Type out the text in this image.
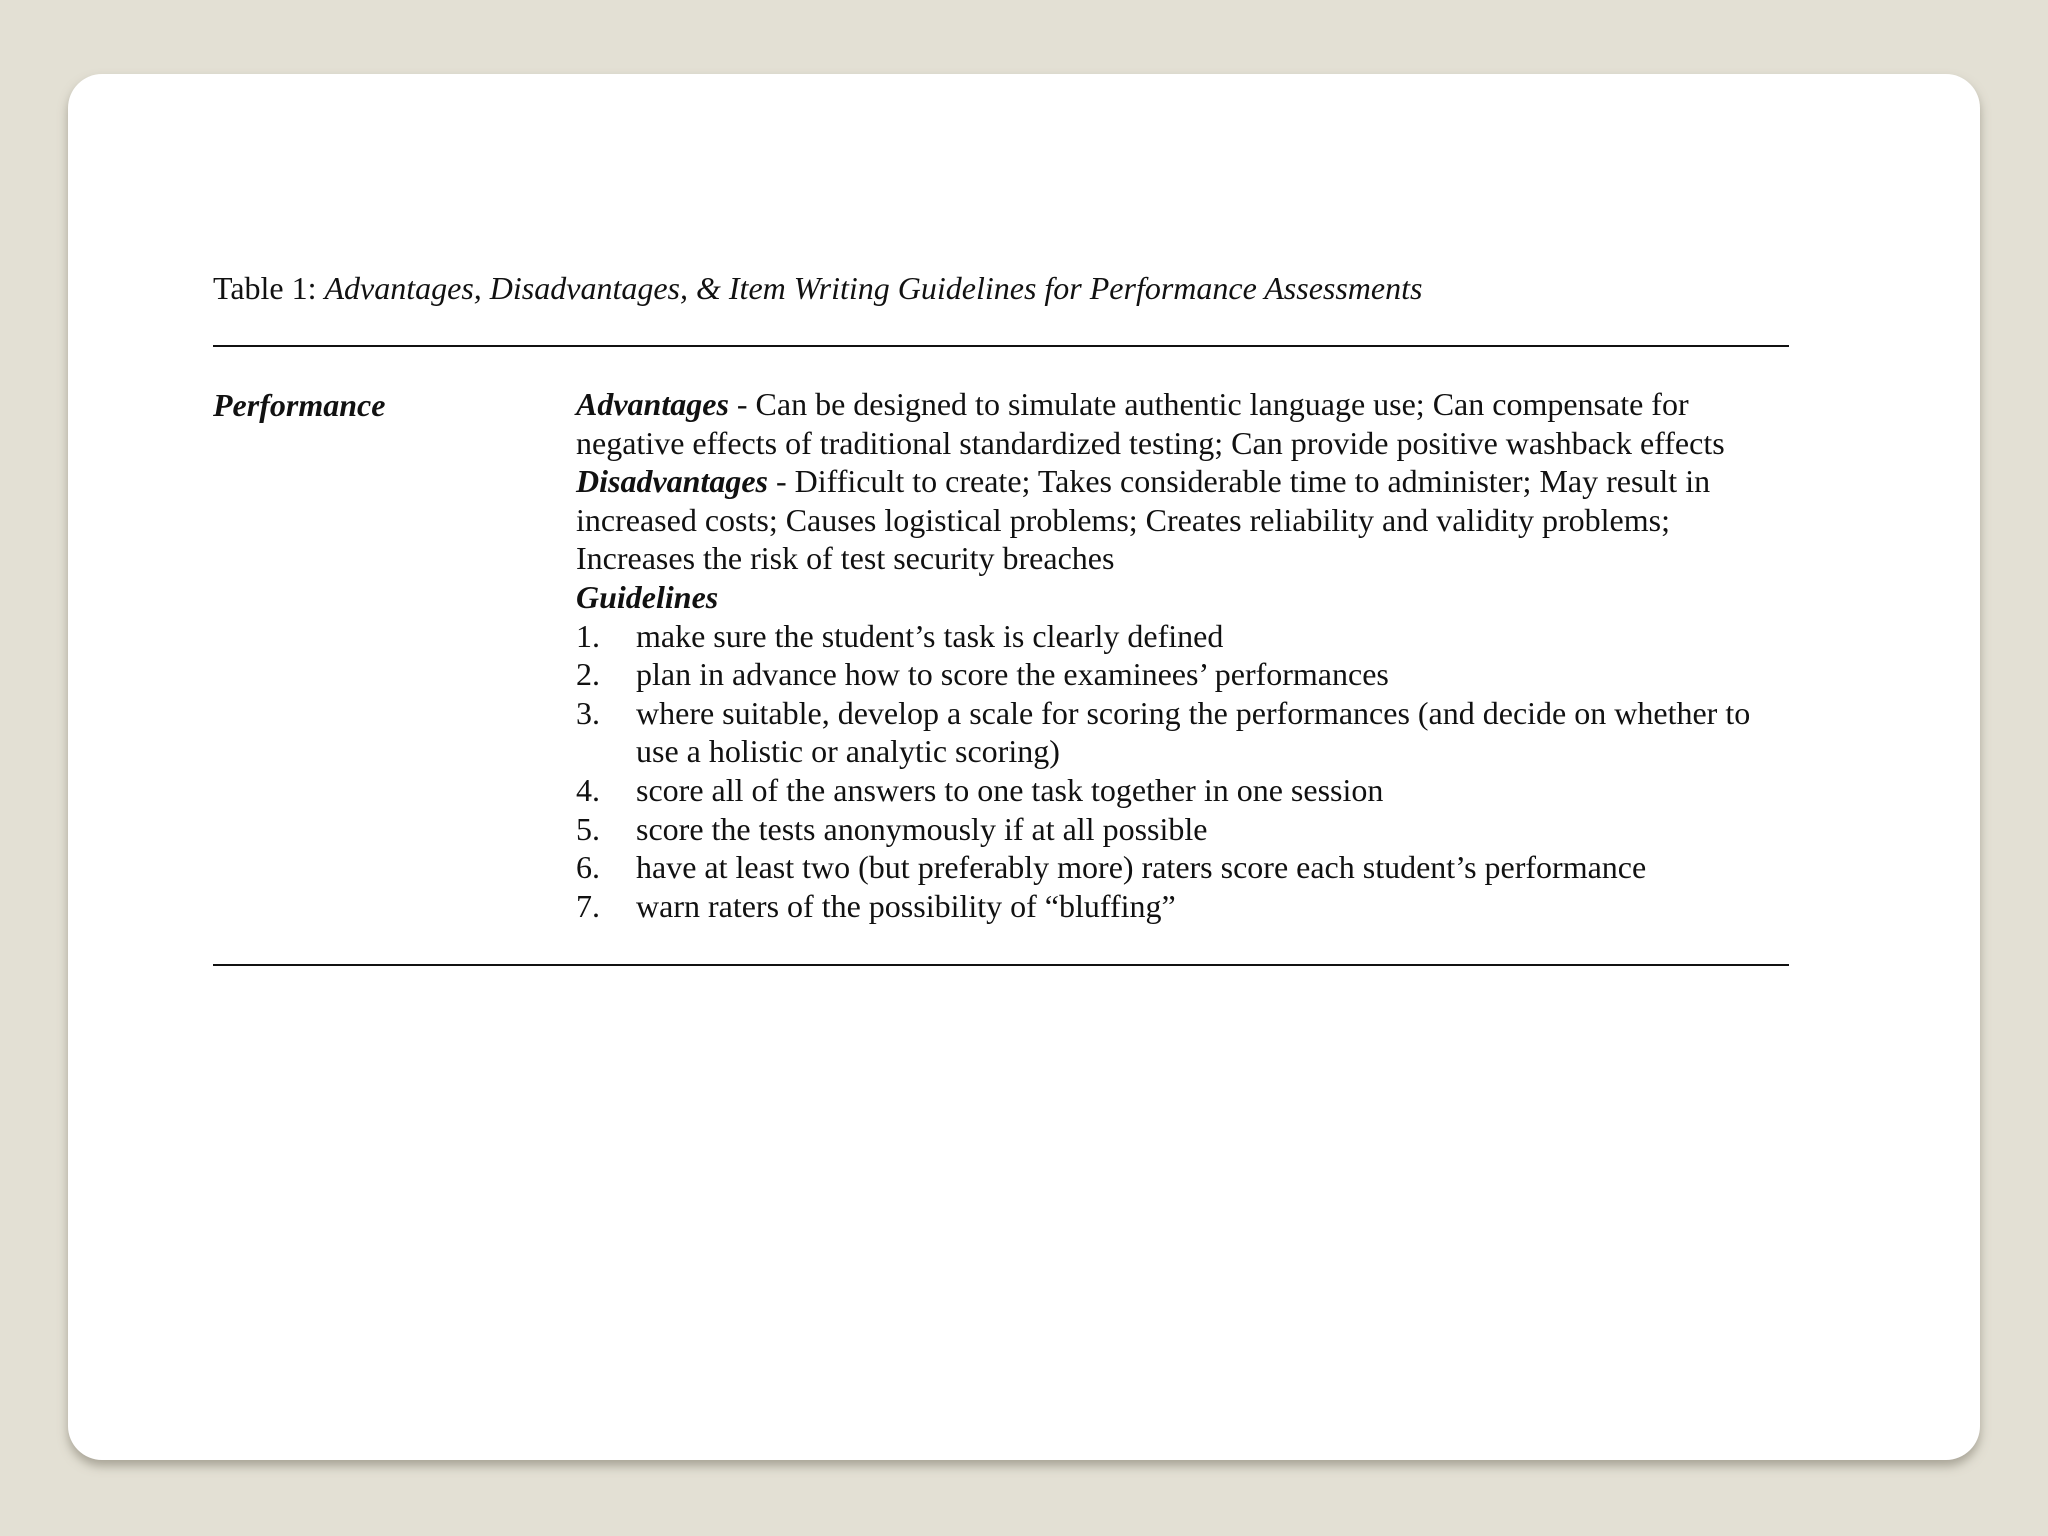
Table 1: Advantages, Disadvantages, & Item Writing Guidelines for Performance Assessments
Performance	Advantages - Can be designed to simulate authentic language use; Can compensate for negative effects of traditional standardized testing; Can provide positive washback effects

Disadvantages - Difficult to create; Takes considerable time to administer; May result in increased costs; Causes logistical problems; Creates reliability and validity problems; Increases the risk of test security breaches

Guidelines

1. make sure the student’s task is clearly defined
2. plan in advance how to score the examinees’ performances
3. where suitable, develop a scale for scoring the performances (and decide on whether to use a holistic or analytic scoring)
4. score all of the answers to one task together in one session
5. score the tests anonymously if at all possible
6. have at least two (but preferably more) raters score each student’s performance
7. warn raters of the possibility of “bluffing”
